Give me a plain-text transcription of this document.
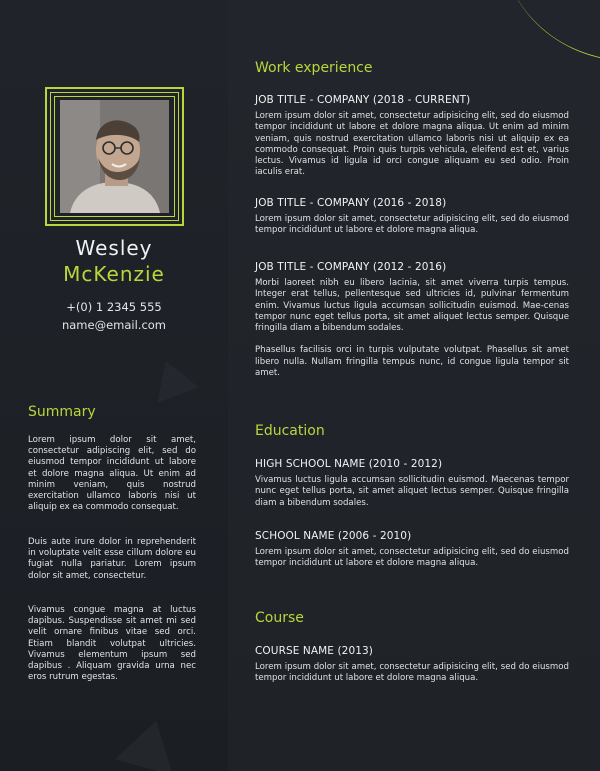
Wesley
McKenzie
+(0) 1 2345 555
name@email.com
Summary

Lorem ipsum dolor sit amet, consectetur adipiscing elit, sed do eiusmod tempor incididunt ut labore et dolore magna aliqua. Ut enim ad minim veniam, quis nostrud exercitation ullamco laboris nisi ut aliquip ex ea commodo consequat.

Duis aute irure dolor in reprehenderit in voluptate velit esse cillum dolore eu fugiat nulla pariatur. Lorem ipsum dolor sit amet, consectetur.

Vivamus congue magna at luctus dapibus. Suspendisse sit amet mi sed velit ornare finibus vitae sed orci. Etiam blandit volutpat ultricies. Vivamus elementum ipsum sed dapibus . Aliquam gravida urna nec eros rutrum egestas.

Work experience

JOB TITLE - COMPANY (2018 - CURRENT)

Lorem ipsum dolor sit amet, consectetur adipisicing elit, sed do eiusmod tempor incididunt ut labore et dolore magna aliqua. Ut enim ad minim veniam, quis nostrud exercitation ullamco laboris nisi ut aliquip ex ea commodo consequat. Proin quis turpis vehicula, eleifend est et, varius lectus. Vivamus id ligula id orci congue aliquam eu sed odio. Proin iaculis erat.

JOB TITLE - COMPANY (2016 - 2018)

Lorem ipsum dolor sit amet, consectetur adipisicing elit, sed do eiusmod tempor incididunt ut labore et dolore magna aliqua.

JOB TITLE - COMPANY (2012 - 2016)

Morbi laoreet nibh eu libero lacinia, sit amet viverra turpis tempus. Integer erat tellus, pellentesque sed ultricies id, pulvinar fermentum enim. Vivamus luctus ligula accumsan sollicitudin euismod. Mae-cenas tempor nunc eget tellus porta, sit amet aliquet lectus semper. Quisque fringilla diam a bibendum sodales.

Phasellus facilisis orci in turpis vulputate volutpat. Phasellus sit amet libero nulla. Nullam fringilla tempus nunc, id congue ligula tempor sit amet.

Education

HIGH SCHOOL NAME (2010 - 2012)

Vivamus luctus ligula accumsan sollicitudin euismod. Maecenas tempor nunc eget tellus porta, sit amet aliquet lectus semper. Quisque fringilla diam a bibendum sodales.

SCHOOL NAME (2006 - 2010)

Lorem ipsum dolor sit amet, consectetur adipisicing elit, sed do eiusmod tempor incididunt ut labore et dolore magna aliqua.

Course

COURSE NAME (2013)

Lorem ipsum dolor sit amet, consectetur adipisicing elit, sed do eiusmod tempor incididunt ut labore et dolore magna aliqua.
